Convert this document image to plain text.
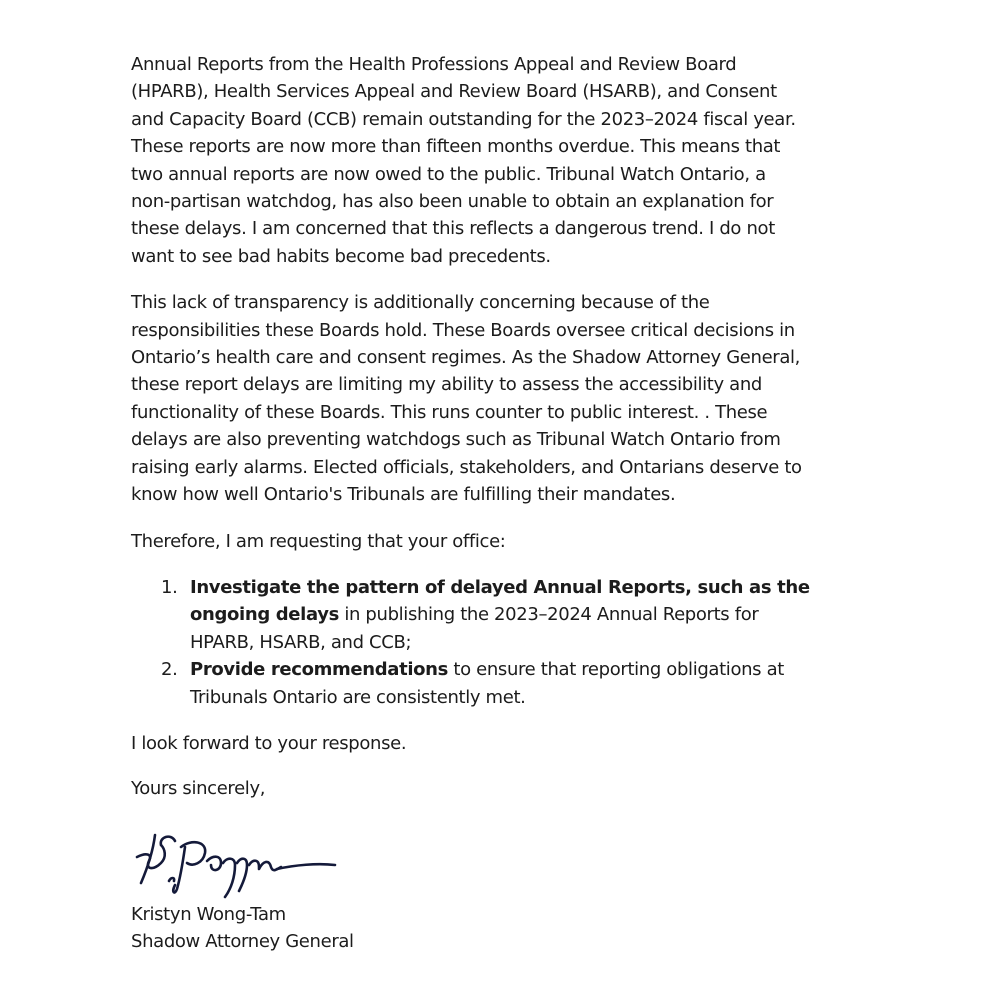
Annual Reports from the Health Professions Appeal and Review Board
(HPARB), Health Services Appeal and Review Board (HSARB), and Consent
and Capacity Board (CCB) remain outstanding for the 2023–2024 fiscal year.
These reports are now more than fifteen months overdue. This means that
two annual reports are now owed to the public. Tribunal Watch Ontario, a
non-partisan watchdog, has also been unable to obtain an explanation for
these delays. I am concerned that this reflects a dangerous trend. I do not
want to see bad habits become bad precedents.
This lack of transparency is additionally concerning because of the
responsibilities these Boards hold. These Boards oversee critical decisions in
Ontario’s health care and consent regimes. As the Shadow Attorney General,
these report delays are limiting my ability to assess the accessibility and
functionality of these Boards. This runs counter to public interest. . These
delays are also preventing watchdogs such as Tribunal Watch Ontario from
raising early alarms. Elected officials, stakeholders, and Ontarians deserve to
know how well Ontario's Tribunals are fulfilling their mandates.
Therefore, I am requesting that your office:
1. Investigate the pattern of delayed Annual Reports, such as the
ongoing delays in publishing the 2023–2024 Annual Reports for
HPARB, HSARB, and CCB;
2. Provide recommendations to ensure that reporting obligations at
Tribunals Ontario are consistently met.
I look forward to your response.
Yours sincerely,
Kristyn Wong-Tam
Shadow Attorney General
